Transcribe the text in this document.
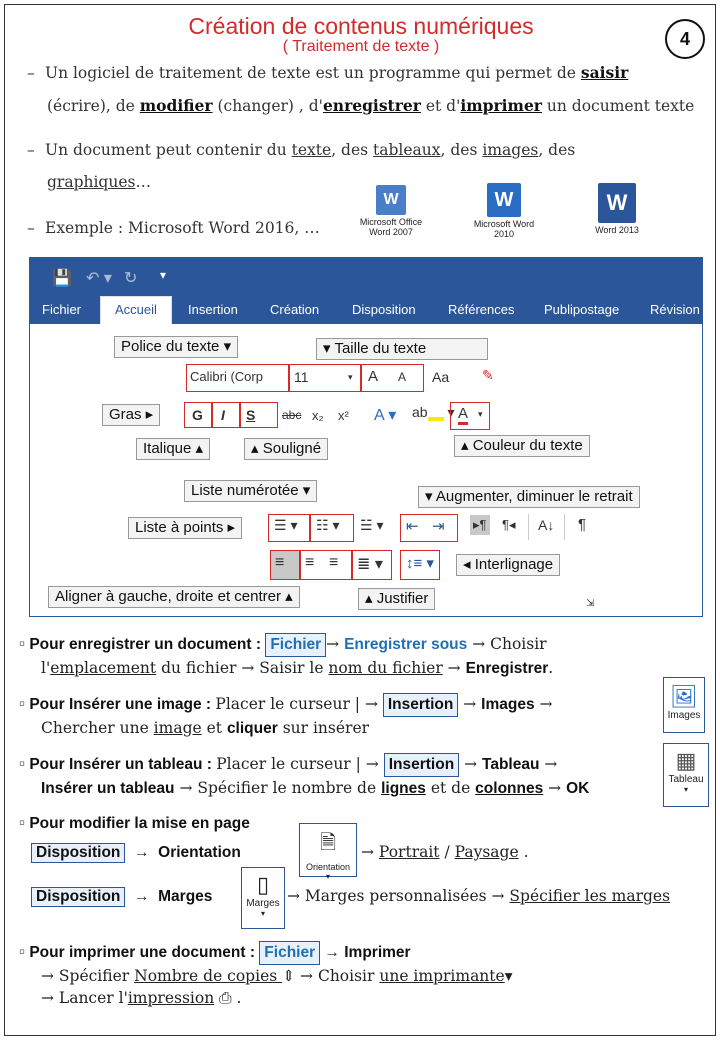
Création de contenus numériques
( Traitement de texte )	4
– Un logiciel de traitement de texte est un programme qui permet de saisir
(écrire), de modifier (changer) , d'enregistrer et d'imprimer un document texte
– Un document peut contenir du texte, des tableaux, des images, des
graphiques…
– Exemple : Microsoft Word 2016, …
W
Microsoft Office Word 2007
W
Microsoft Word 2010
W
Word 2013
💾 ↶ ▾ ↻ ▾
Fichier	Accueil	Insertion Création	Disposition Références Publipostage Révision
Police du texte ▾	▾ Taille du texte
Calibri (Corp 11	▾ A A Aa ✎
Gras ▸	G I S abc x₂ x² A ▾ ab ▾ A ▾
Italique ▴	▴ Souligné	▴ Couleur du texte
Liste numérotée ▾	▾ Augmenter, diminuer le retrait
Liste à points ▸	☰ ▾ ☷ ▾ ☱ ▾ ⇤ ⇥ ▸¶ ¶◂ A↓ ¶
≡ ≡ ≡ ≣ ▾ ↕≡ ▾	◂ Interlignage
Aligner à gauche, droite et centrer ▴	▴ Justifier	⇲
▫ Pour enregistrer un document : Fichier → Enregistrer sous → Choisir
l'emplacement du fichier → Saisir le nom du fichier → Enregistrer.
▫ Pour Insérer une image : Placer le curseur | → Insertion → Images →
Chercher une image et cliquer sur insérer
🖼
Images
▫ Pour Insérer un tableau : Placer le curseur | → Insertion → Tableau →
Insérer un tableau → Spécifier le nombre de lignes et de colonnes → OK
▦
Tableau
▾
▫ Pour modifier la mise en page
Disposition → Orientation	🗎
Orientation
▾
→ Portrait / Paysage .
Disposition → Marges	▯
Marges
▾
→ Marges personnalisées → Spécifier les marges
▫ Pour imprimer une document : Fichier → Imprimer
→ Spécifier Nombre de copies ⇕ → Choisir une imprimante▾
→ Lancer l'impression ⎙ .
